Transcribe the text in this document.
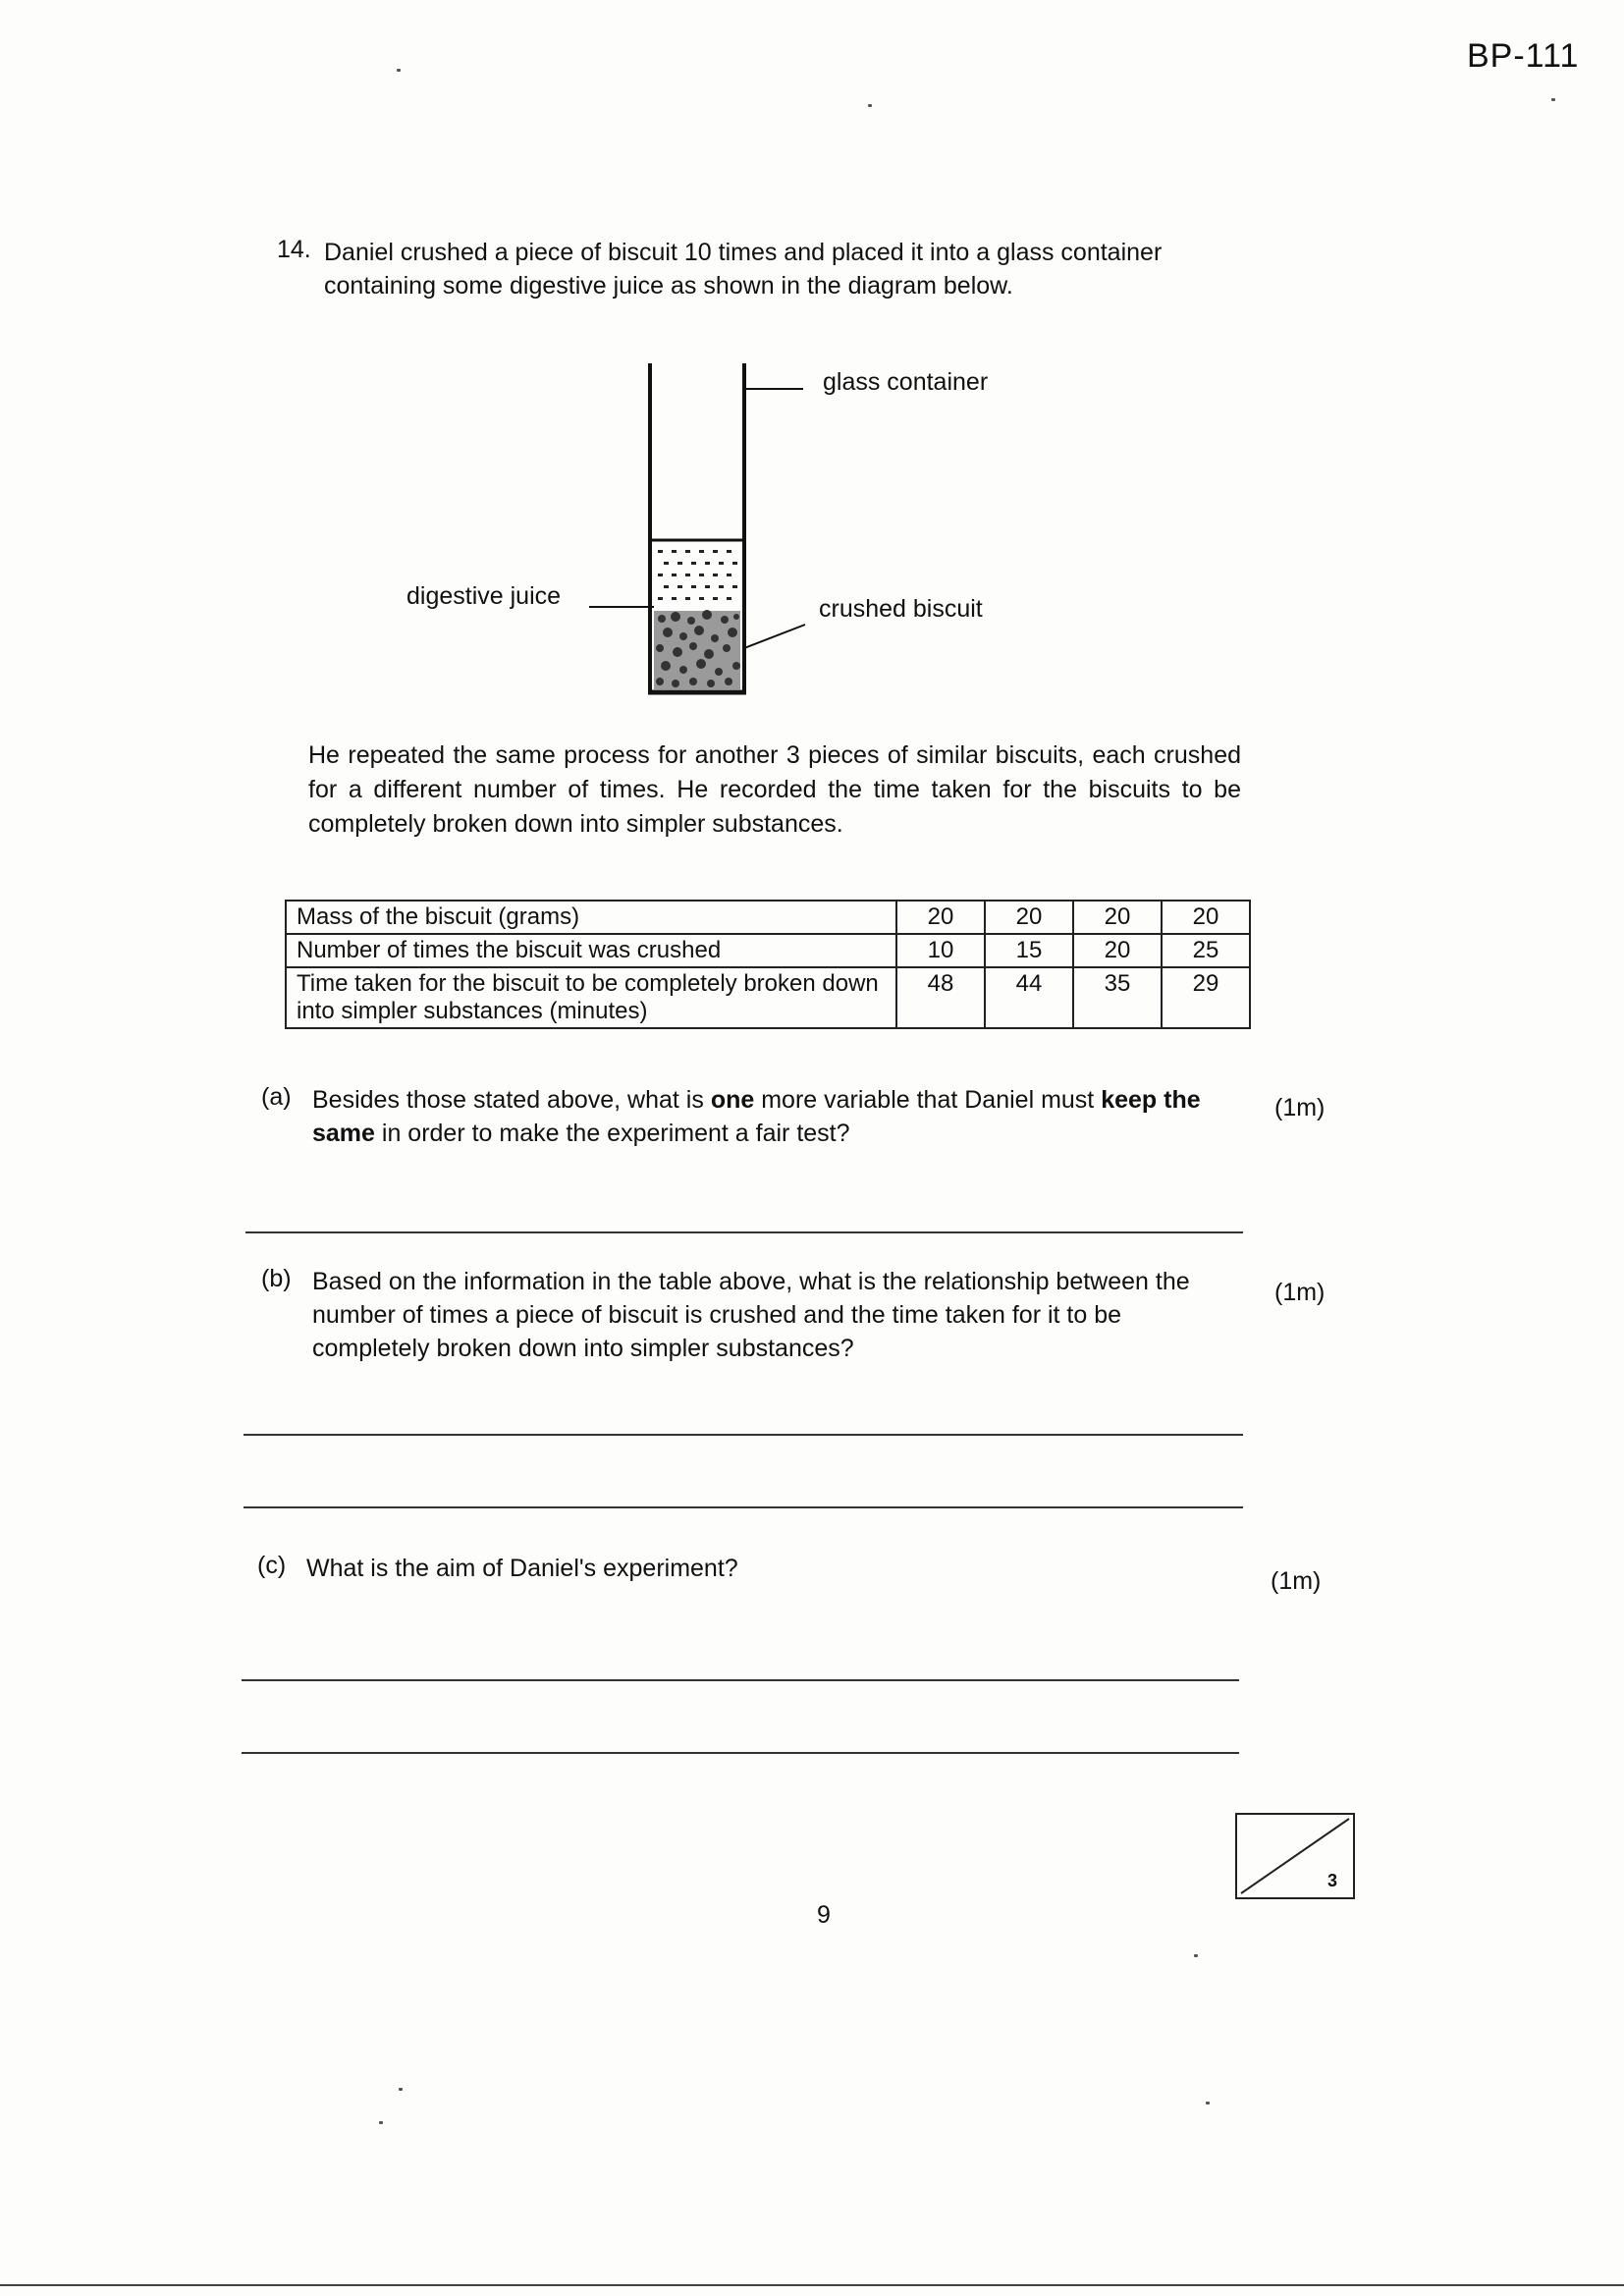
BP-111
14. Daniel crushed a piece of biscuit 10 times and placed it into a glass container containing some digestive juice as shown in the diagram below.
glass container
digestive juice	crushed biscuit
He repeated the same process for another 3 pieces of similar biscuits, each crushed for a different number of times. He recorded the time taken for the biscuits to be completely broken down into simpler substances.
Mass of the biscuit (grams)	20	20	20	20
Number of times the biscuit was crushed	10	15	20	25
Time taken for the biscuit to be completely broken down into simpler substances (minutes)	48	44	35	29
(a) Besides those stated above, what is one more variable that Daniel must keep the same in order to make the experiment a fair test?
(1m)
(b) Based on the information in the table above, what is the relationship between the number of times a piece of biscuit is crushed and the time taken for it to be completely broken down into simpler substances?
(1m)
(c) What is the aim of Daniel's experiment?	(1m)
3
9
